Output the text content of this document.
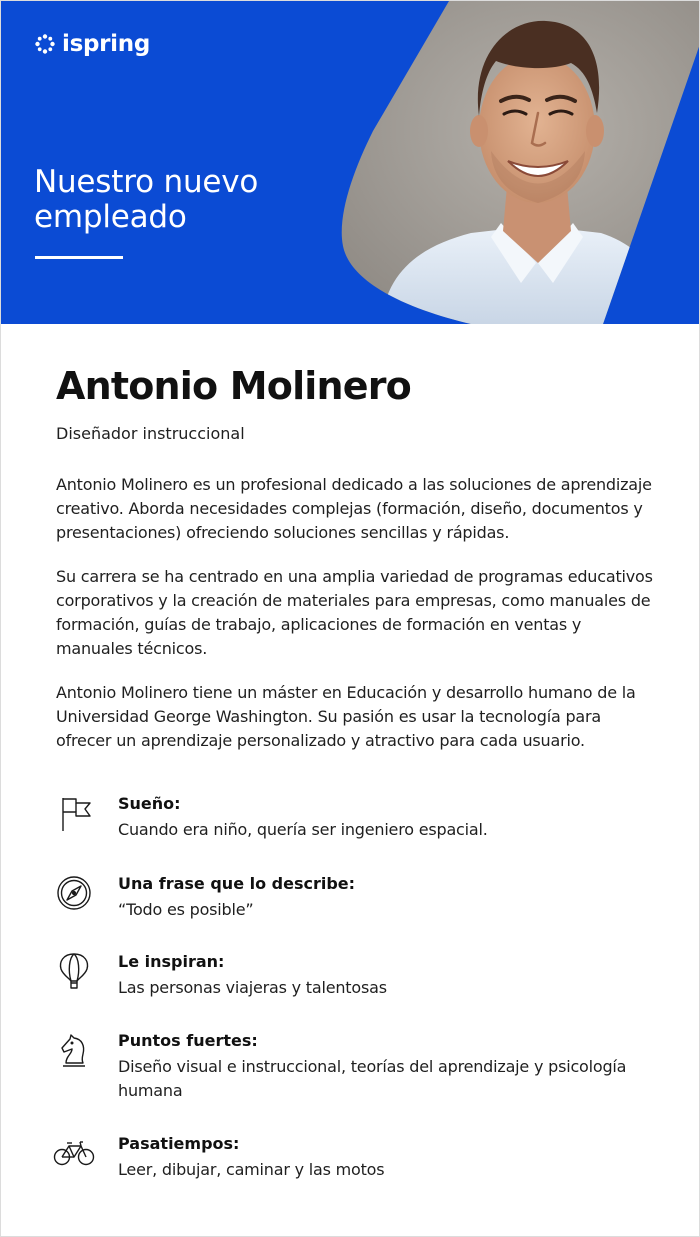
ispring
Nuestro nuevo empleado
Antonio Molinero
Diseñador instruccional

Antonio Molinero es un profesional dedicado a las soluciones de aprendizaje creativo. Aborda necesidades complejas (formación, diseño, documentos y presentaciones) ofreciendo soluciones sencillas y rápidas.

Su carrera se ha centrado en una amplia variedad de programas educativos corporativos y la creación de materiales para empresas, como manuales de formación, guías de trabajo, aplicaciones de formación en ventas y manuales técnicos.

Antonio Molinero tiene un máster en Educación y desarrollo humano de la Universidad George Washington. Su pasión es usar la tecnología para ofrecer un aprendizaje personalizado y atractivo para cada usuario.

Sueño:
Cuando era niño, quería ser ingeniero espacial.
Una frase que lo describe:
“Todo es posible”
Le inspiran:
Las personas viajeras y talentosas
Puntos fuertes:
Diseño visual e instruccional, teorías del aprendizaje y psicología humana
Pasatiempos:
Leer, dibujar, caminar y las motos
